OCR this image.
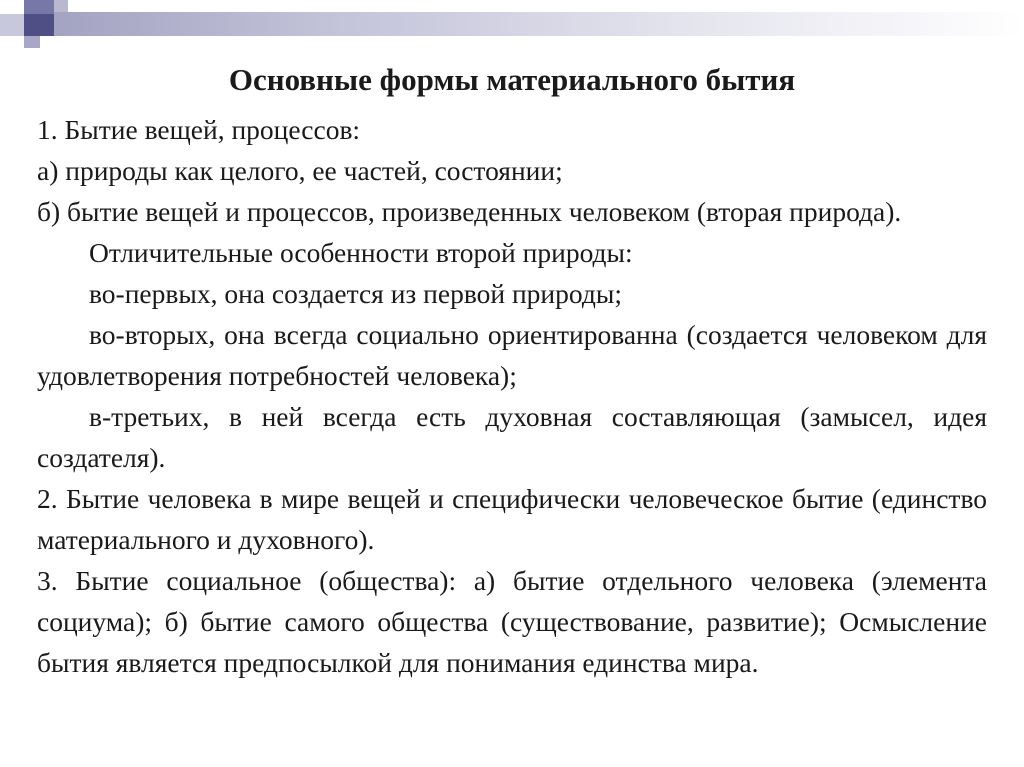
Основные формы материального бытия

1. Бытие вещей, процессов:

а) природы как целого, ее частей, состоянии;

б) бытие вещей и процессов, произведенных человеком (вторая природа).

Отличительные особенности второй природы:

во-первых, она создается из первой природы;

во-вторых, она всегда социально ориентированна (создается человеком для удовлетворения потребностей человека);

в-третьих, в ней всегда есть духовная составляющая (замысел, идея создателя).

2. Бытие человека в мире вещей и специфически человеческое бытие (единство материального и духовного).

3. Бытие социальное (общества): а) бытие отдельного человека (элемента социума); б) бытие самого общества (существование, развитие); Осмысление бытия является предпосылкой для понимания единства мира.
